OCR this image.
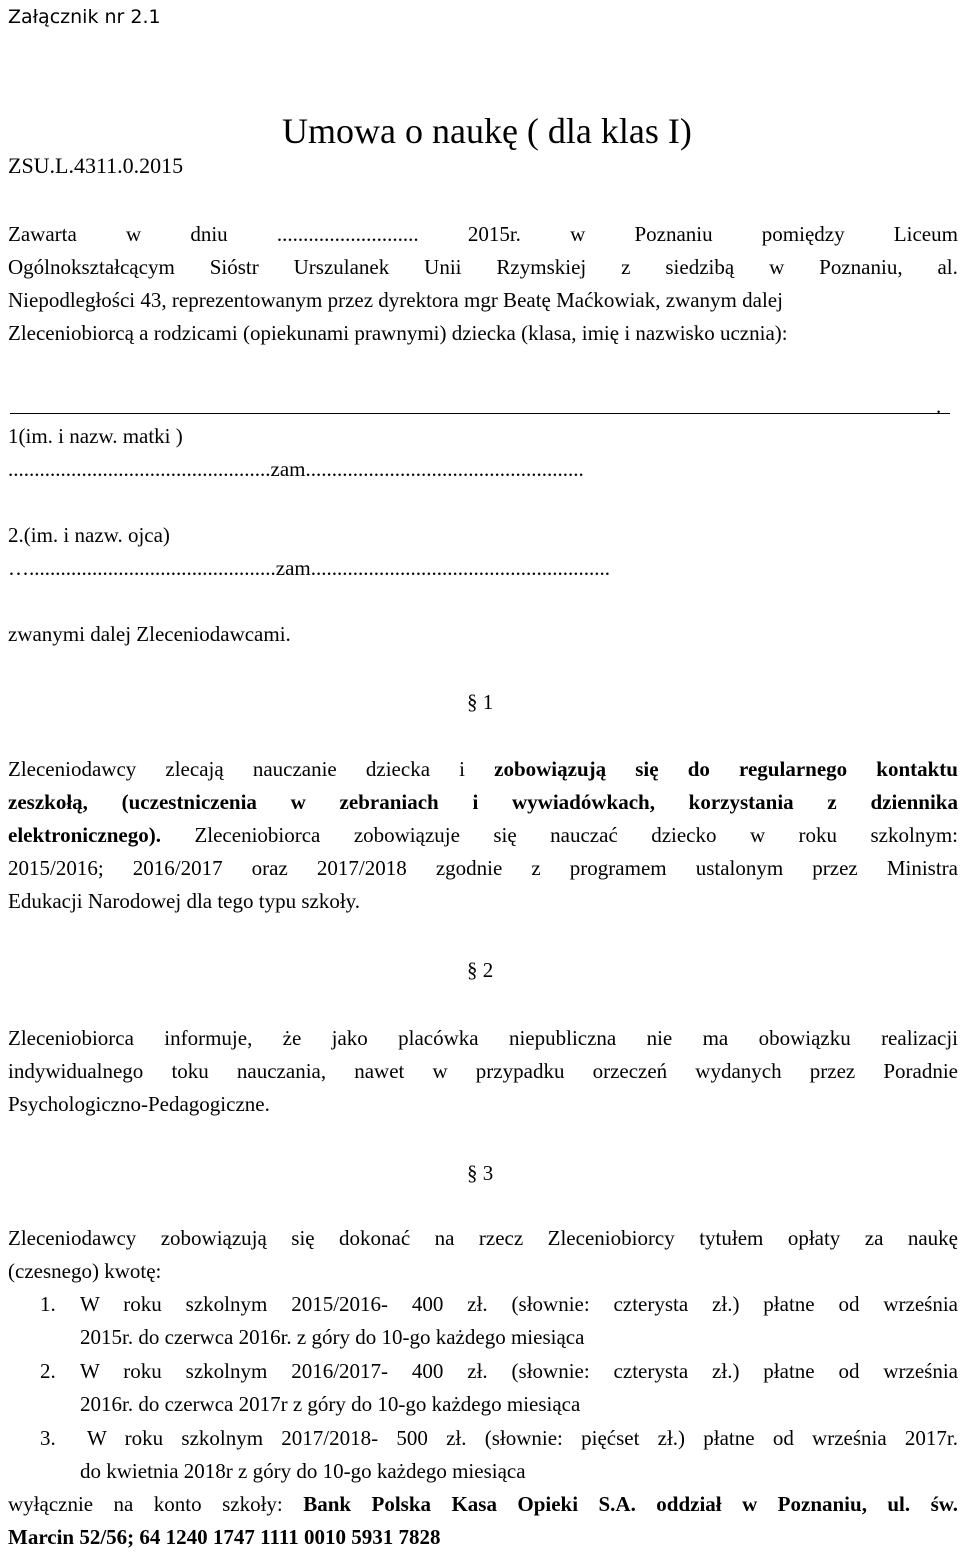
Załącznik nr 2.1
Umowa o naukę ( dla klas I)
ZSU.L.4311.0.2015
Zawarta w dniu ........................... 2015r. w Poznaniu pomiędzy Liceum
Ogólnokształcącym Sióstr Urszulanek Unii Rzymskiej z siedzibą w Poznaniu, al.
Niepodległości 43, reprezentowanym przez dyrektora mgr Beatę Maćkowiak, zwanym dalej
Zleceniobiorcą a rodzicami (opiekunami prawnymi) dziecka (klasa, imię i nazwisko ucznia):
.
1(im. i nazw. matki )
..................................................zam.....................................................
2.(im. i nazw. ojca)
…...............................................zam.........................................................
zwanymi dalej Zleceniodawcami.
§ 1
Zleceniodawcy zlecają nauczanie dziecka i zobowiązują się do regularnego kontaktu
zeszkołą, (uczestniczenia w zebraniach i wywiadówkach, korzystania z dziennika
elektronicznego). Zleceniobiorca zobowiązuje się nauczać dziecko w roku szkolnym:
2015/2016; 2016/2017 oraz 2017/2018 zgodnie z programem ustalonym przez Ministra
Edukacji Narodowej dla tego typu szkoły.
§ 2
Zleceniobiorca informuje, że jako placówka niepubliczna nie ma obowiązku realizacji
indywidualnego toku nauczania, nawet w przypadku orzeczeń wydanych przez Poradnie
Psychologiczno-Pedagogiczne.
§ 3
Zleceniodawcy zobowiązują się dokonać na rzecz Zleceniobiorcy tytułem opłaty za naukę
(czesnego) kwotę:
1. W roku szkolnym 2015/2016- 400 zł. (słownie: czterysta zł.) płatne od września
2015r. do czerwca 2016r. z góry do 10-go każdego miesiąca
2. W roku szkolnym 2016/2017- 400 zł. (słownie: czterysta zł.) płatne od września
2016r. do czerwca 2017r z góry do 10-go każdego miesiąca
3. W roku szkolnym 2017/2018- 500 zł. (słownie: pięćset zł.) płatne od września 2017r.
do kwietnia 2018r z góry do 10-go każdego miesiąca
wyłącznie na konto szkoły: Bank Polska Kasa Opieki S.A. oddział w Poznaniu, ul. św.
Marcin 52/56; 64 1240 1747 1111 0010 5931 7828
